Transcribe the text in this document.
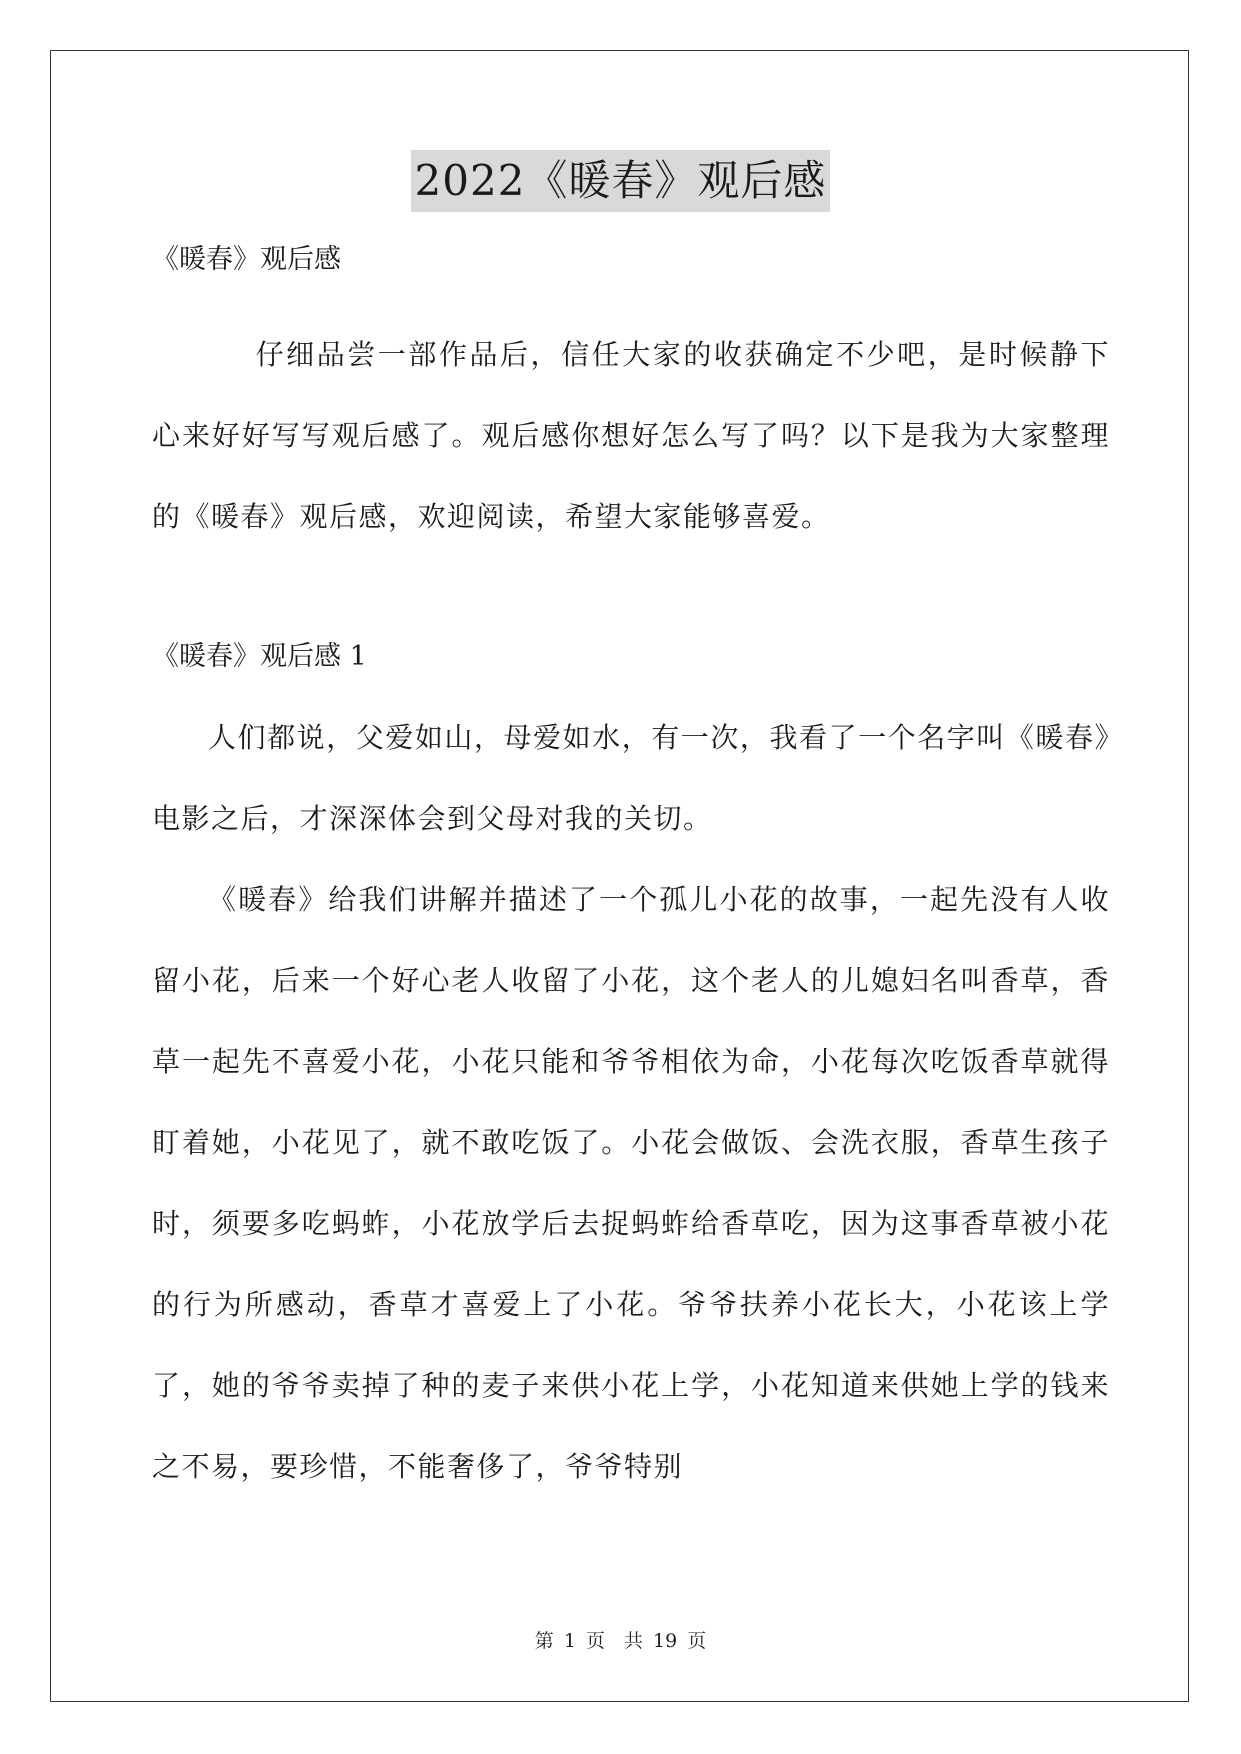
2022《暖春》观后感

《暖春》观后感

仔细品尝一部作品后，信任大家的收获确定不少吧，是时候静下心来好好写写观后感了。观后感你想好怎么写了吗？以下是我为大家整理的《暖春》观后感，欢迎阅读，希望大家能够喜爱。

《暖春》观后感 1

人们都说，父爱如山，母爱如水，有一次，我看了一个名字叫《暖春》电影之后，才深深体会到父母对我的关切。

《暖春》给我们讲解并描述了一个孤儿小花的故事，一起先没有人收留小花，后来一个好心老人收留了小花，这个老人的儿媳妇名叫香草，香草一起先不喜爱小花，小花只能和爷爷相依为命，小花每次吃饭香草就得盯着她，小花见了，就不敢吃饭了。小花会做饭、会洗衣服，香草生孩子时，须要多吃蚂蚱，小花放学后去捉蚂蚱给香草吃，因为这事香草被小花的行为所感动，香草才喜爱上了小花。爷爷扶养小花长大，小花该上学了，她的爷爷卖掉了种的麦子来供小花上学，小花知道来供她上学的钱来之不易，要珍惜，不能奢侈了，爷爷特别

第 1 页　共 19 页
